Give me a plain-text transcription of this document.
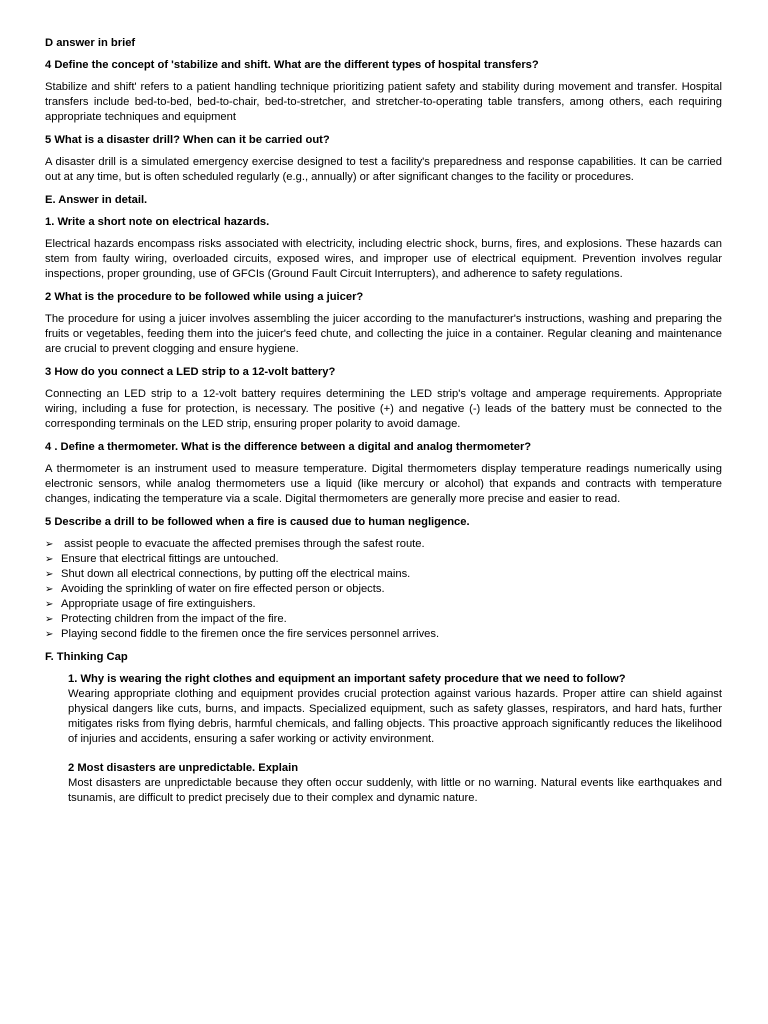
D answer in brief
4 Define the concept of 'stabilize and shift. What are the different types of hospital transfers?
Stabilize and shift' refers to a patient handling technique prioritizing patient safety and stability during movement and transfer. Hospital transfers include bed-to-bed, bed-to-chair, bed-to-stretcher, and stretcher-to-operating table transfers, among others, each requiring appropriate techniques and equipment
5 What is a disaster drill? When can it be carried out?
A disaster drill is a simulated emergency exercise designed to test a facility's preparedness and response capabilities. It can be carried out at any time, but is often scheduled regularly (e.g., annually) or after significant changes to the facility or procedures.
E. Answer in detail.
1. Write a short note on electrical hazards.
Electrical hazards encompass risks associated with electricity, including electric shock, burns, fires, and explosions. These hazards can stem from faulty wiring, overloaded circuits, exposed wires, and improper use of electrical equipment. Prevention involves regular inspections, proper grounding, use of GFCIs (Ground Fault Circuit Interrupters), and adherence to safety regulations.
2 What is the procedure to be followed while using a juicer?
The procedure for using a juicer involves assembling the juicer according to the manufacturer's instructions, washing and preparing the fruits or vegetables, feeding them into the juicer's feed chute, and collecting the juice in a container. Regular cleaning and maintenance are crucial to prevent clogging and ensure hygiene.
3 How do you connect a LED strip to a 12-volt battery?
Connecting an LED strip to a 12-volt battery requires determining the LED strip's voltage and amperage requirements. Appropriate wiring, including a fuse for protection, is necessary. The positive (+) and negative (-) leads of the battery must be connected to the corresponding terminals on the LED strip, ensuring proper polarity to avoid damage.
4 . Define a thermometer. What is the difference between a digital and analog thermometer?
A thermometer is an instrument used to measure temperature. Digital thermometers display temperature readings numerically using electronic sensors, while analog thermometers use a liquid (like mercury or alcohol) that expands and contracts with temperature changes, indicating the temperature via a scale. Digital thermometers are generally more precise and easier to read.
5 Describe a drill to be followed when a fire is caused due to human negligence.
➢ assist people to evacuate the affected premises through the safest route.
➢ Ensure that electrical fittings are untouched.
➢ Shut down all electrical connections, by putting off the electrical mains.
➢ Avoiding the sprinkling of water on fire effected person or objects.
➢ Appropriate usage of fire extinguishers.
➢ Protecting children from the impact of the fire.
➢ Playing second fiddle to the firemen once the fire services personnel arrives.
F. Thinking Cap
1. Why is wearing the right clothes and equipment an important safety procedure that we need to follow?
Wearing appropriate clothing and equipment provides crucial protection against various hazards. Proper attire can shield against physical dangers like cuts, burns, and impacts. Specialized equipment, such as safety glasses, respirators, and hard hats, further mitigates risks from flying debris, harmful chemicals, and falling objects. This proactive approach significantly reduces the likelihood of injuries and accidents, ensuring a safer working or activity environment.
2 Most disasters are unpredictable. Explain
Most disasters are unpredictable because they often occur suddenly, with little or no warning. Natural events like earthquakes and tsunamis, are difficult to predict precisely due to their complex and dynamic nature.
